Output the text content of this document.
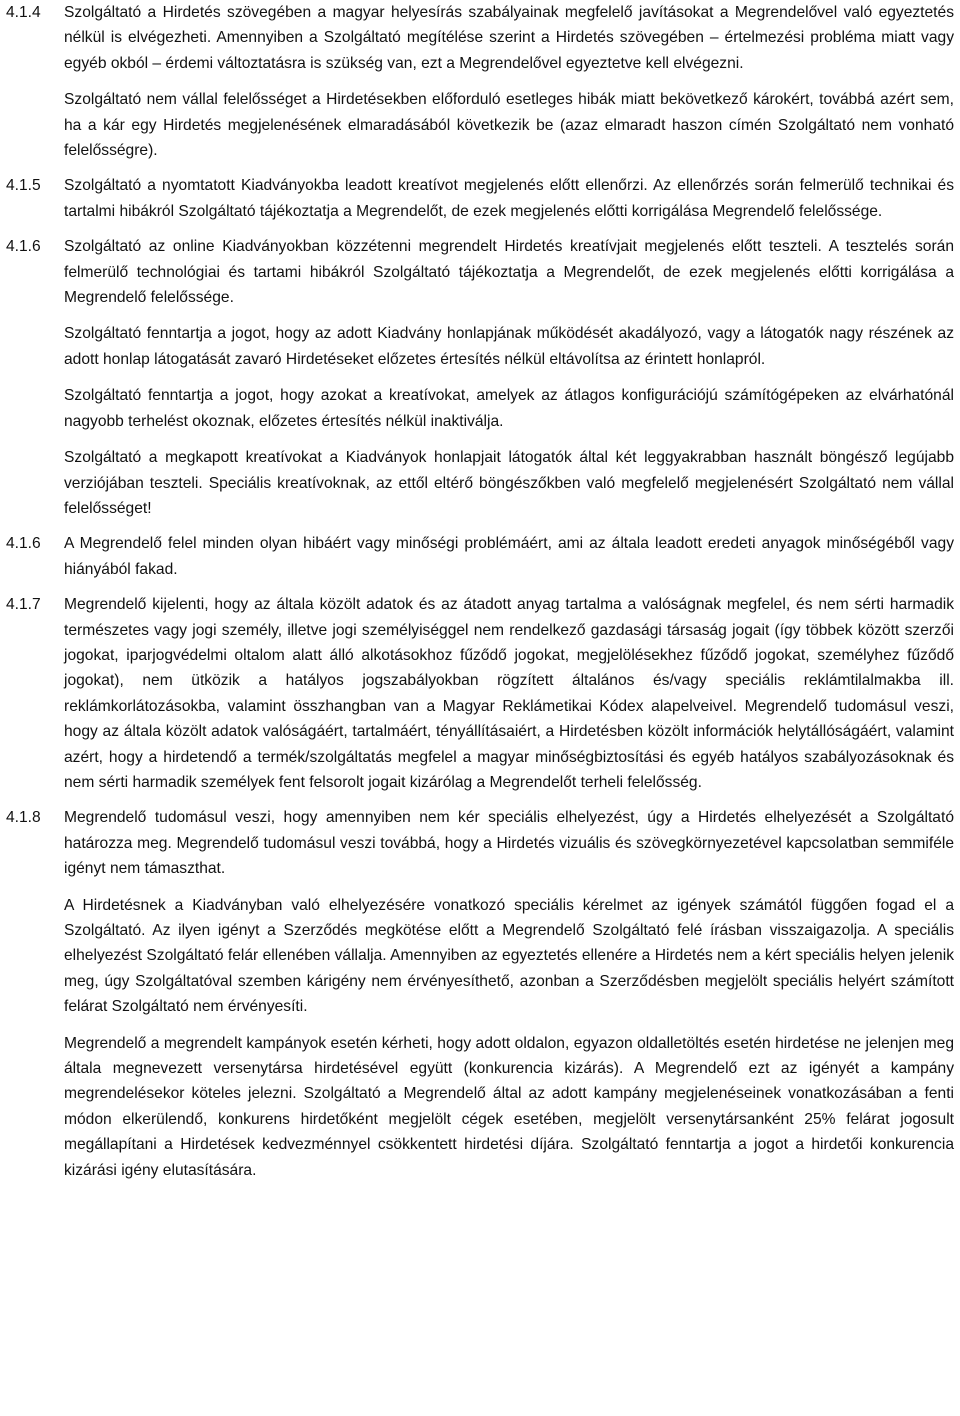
4.1.4 Szolgáltató a Hirdetés szövegében a magyar helyesírás szabályainak megfelelő javításokat a Megrendelővel való egyeztetés nélkül is elvégezheti. Amennyiben a Szolgáltató megítélése szerint a Hirdetés szövegében – értelmezési probléma miatt vagy egyéb okból – érdemi változtatásra is szükség van, ezt a Megrendelővel egyeztetve kell elvégezni.

Szolgáltató nem vállal felelősséget a Hirdetésekben előforduló esetleges hibák miatt bekövetkező károkért, továbbá azért sem, ha a kár egy Hirdetés megjelenésének elmaradásából következik be (azaz elmaradt haszon címén Szolgáltató nem vonható felelősségre).

4.1.5 Szolgáltató a nyomtatott Kiadványokba leadott kreatívot megjelenés előtt ellenőrzi. Az ellenőrzés során felmerülő technikai és tartalmi hibákról Szolgáltató tájékoztatja a Megrendelőt, de ezek megjelenés előtti korrigálása Megrendelő felelőssége.

4.1.6 Szolgáltató az online Kiadványokban közzétenni megrendelt Hirdetés kreatívjait megjelenés előtt teszteli. A tesztelés során felmerülő technológiai és tartami hibákról Szolgáltató tájékoztatja a Megrendelőt, de ezek megjelenés előtti korrigálása a Megrendelő felelőssége.

Szolgáltató fenntartja a jogot, hogy az adott Kiadvány honlapjának működését akadályozó, vagy a látogatók nagy részének az adott honlap látogatását zavaró Hirdetéseket előzetes értesítés nélkül eltávolítsa az érintett honlapról.

Szolgáltató fenntartja a jogot, hogy azokat a kreatívokat, amelyek az átlagos konfigurációjú számítógépeken az elvárhatónál nagyobb terhelést okoznak, előzetes értesítés nélkül inaktiválja.

Szolgáltató a megkapott kreatívokat a Kiadványok honlapjait látogatók által két leggyakrabban használt böngésző legújabb verziójában teszteli. Speciális kreatívoknak, az ettől eltérő böngészőkben való megfelelő megjelenésért Szolgáltató nem vállal felelősséget!

4.1.6 A Megrendelő felel minden olyan hibáért vagy minőségi problémáért, ami az általa leadott eredeti anyagok minőségéből vagy hiányából fakad.

4.1.7 Megrendelő kijelenti, hogy az általa közölt adatok és az átadott anyag tartalma a valóságnak megfelel, és nem sérti harmadik természetes vagy jogi személy, illetve jogi személyiséggel nem rendelkező gazdasági társaság jogait (így többek között szerzői jogokat, iparjogvédelmi oltalom alatt álló alkotásokhoz fűződő jogokat, megjelölésekhez fűződő jogokat, személyhez fűződő jogokat), nem ütközik a hatályos jogszabályokban rögzített általános és/vagy speciális reklámtilalmakba ill. reklámkorlátozásokba, valamint összhangban van a Magyar Reklámetikai Kódex alapelveivel. Megrendelő tudomásul veszi, hogy az általa közölt adatok valóságáért, tartalmáért, tényállításaiért, a Hirdetésben közölt információk helytállóságáért, valamint azért, hogy a hirdetendő a termék/szolgáltatás megfelel a magyar minőségbiztosítási és egyéb hatályos szabályozásoknak és nem sérti harmadik személyek fent felsorolt jogait kizárólag a Megrendelőt terheli felelősség.

4.1.8 Megrendelő tudomásul veszi, hogy amennyiben nem kér speciális elhelyezést, úgy a Hirdetés elhelyezését a Szolgáltató határozza meg. Megrendelő tudomásul veszi továbbá, hogy a Hirdetés vizuális és szövegkörnyezetével kapcsolatban semmiféle igényt nem támaszthat.

A Hirdetésnek a Kiadványban való elhelyezésére vonatkozó speciális kérelmet az igények számától függően fogad el a Szolgáltató. Az ilyen igényt a Szerződés megkötése előtt a Megrendelő Szolgáltató felé írásban visszaigazolja. A speciális elhelyezést Szolgáltató felár ellenében vállalja. Amennyiben az egyeztetés ellenére a Hirdetés nem a kért speciális helyen jelenik meg, úgy Szolgáltatóval szemben kárigény nem érvényesíthető, azonban a Szerződésben megjelölt speciális helyért számított felárat Szolgáltató nem érvényesíti.

Megrendelő a megrendelt kampányok esetén kérheti, hogy adott oldalon, egyazon oldalletöltés esetén hirdetése ne jelenjen meg általa megnevezett versenytársa hirdetésével együtt (konkurencia kizárás). A Megrendelő ezt az igényét a kampány megrendelésekor köteles jelezni. Szolgáltató a Megrendelő által az adott kampány megjelenéseinek vonatkozásában a fenti módon elkerülendő, konkurens hirdetőként megjelölt cégek esetében, megjelölt versenytársanként 25% felárat jogosult megállapítani a Hirdetések kedvezménnyel csökkentett hirdetési díjára. Szolgáltató fenntartja a jogot a hirdetői konkurencia kizárási igény elutasítására.
